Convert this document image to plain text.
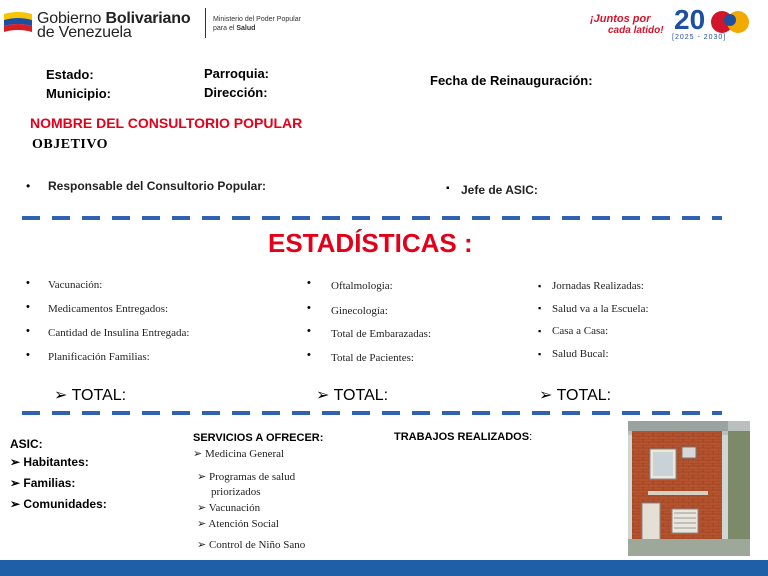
Gobierno Bolivariano
de Venezuela
Ministerio del Poder Popular
para el Salud
¡Juntos por
cada latido! 20
[2025 - 2030]
Estado:
Municipio:
Parroquia:
Dirección:
Fecha de Reinauguración:
NOMBRE DEL CONSULTORIO POPULAR
OBJETIVO
• Responsable del Consultorio Popular:	▪ Jefe de ASIC:
ESTADÍSTICAS :
• Vacunación:
• Medicamentos Entregados:
• Cantidad de Insulina Entregada:
• Planificación Familias:
• Oftalmologia:
• Ginecología:
• Total de Embarazadas:
• Total de Pacientes:
▪ Jornadas Realizadas:
▪ Salud va a la Escuela:
▪ Casa a Casa:
▪ Salud Bucal:
➢ TOTAL:	➢ TOTAL:	➢ TOTAL:
ASIC:
➢ Habitantes:
➢ Familias:
➢ Comunidades:
SERVICIOS A OFRECER:
➢ Medicina General
➢ Programas de salud
priorizados
➢ Vacunación
➢ Atención Social
➢ Control de Niño Sano
TRABAJOS REALIZADOS:
